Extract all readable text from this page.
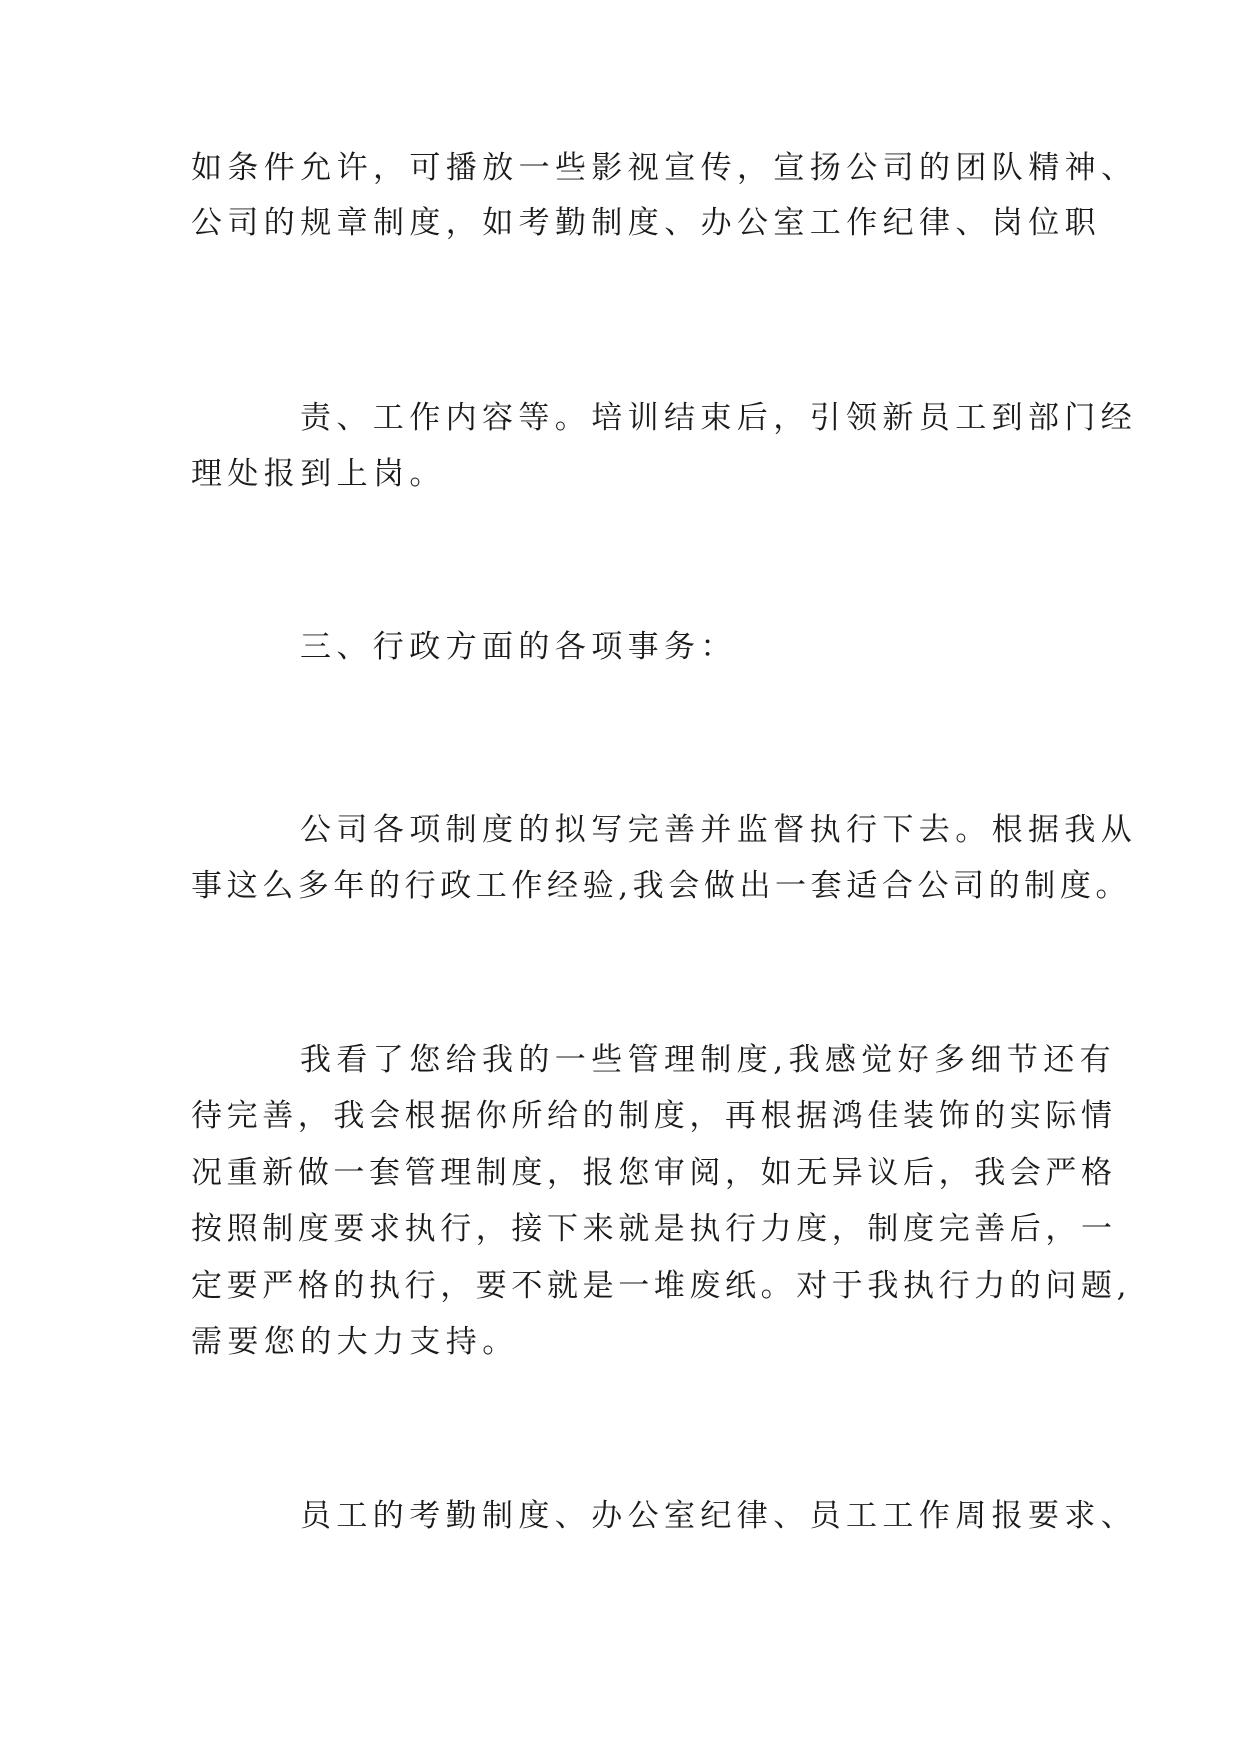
如条件允许，可播放一些影视宣传，宣扬公司的团队精神、
公司的规章制度，如考勤制度、办公室工作纪律、岗位职
责、工作内容等。培训结束后，引领新员工到部门经
理处报到上岗。
三、行政方面的各项事务：
公司各项制度的拟写完善并监督执行下去。根据我从
事这么多年的行政工作经验,我会做出一套适合公司的制度。
我看了您给我的一些管理制度,我感觉好多细节还有
待完善，我会根据你所给的制度，再根据鸿佳装饰的实际情
况重新做一套管理制度，报您审阅，如无异议后，我会严格
按照制度要求执行，接下来就是执行力度，制度完善后，一
定要严格的执行，要不就是一堆废纸。对于我执行力的问题,
需要您的大力支持。
员工的考勤制度、办公室纪律、员工工作周报要求、
